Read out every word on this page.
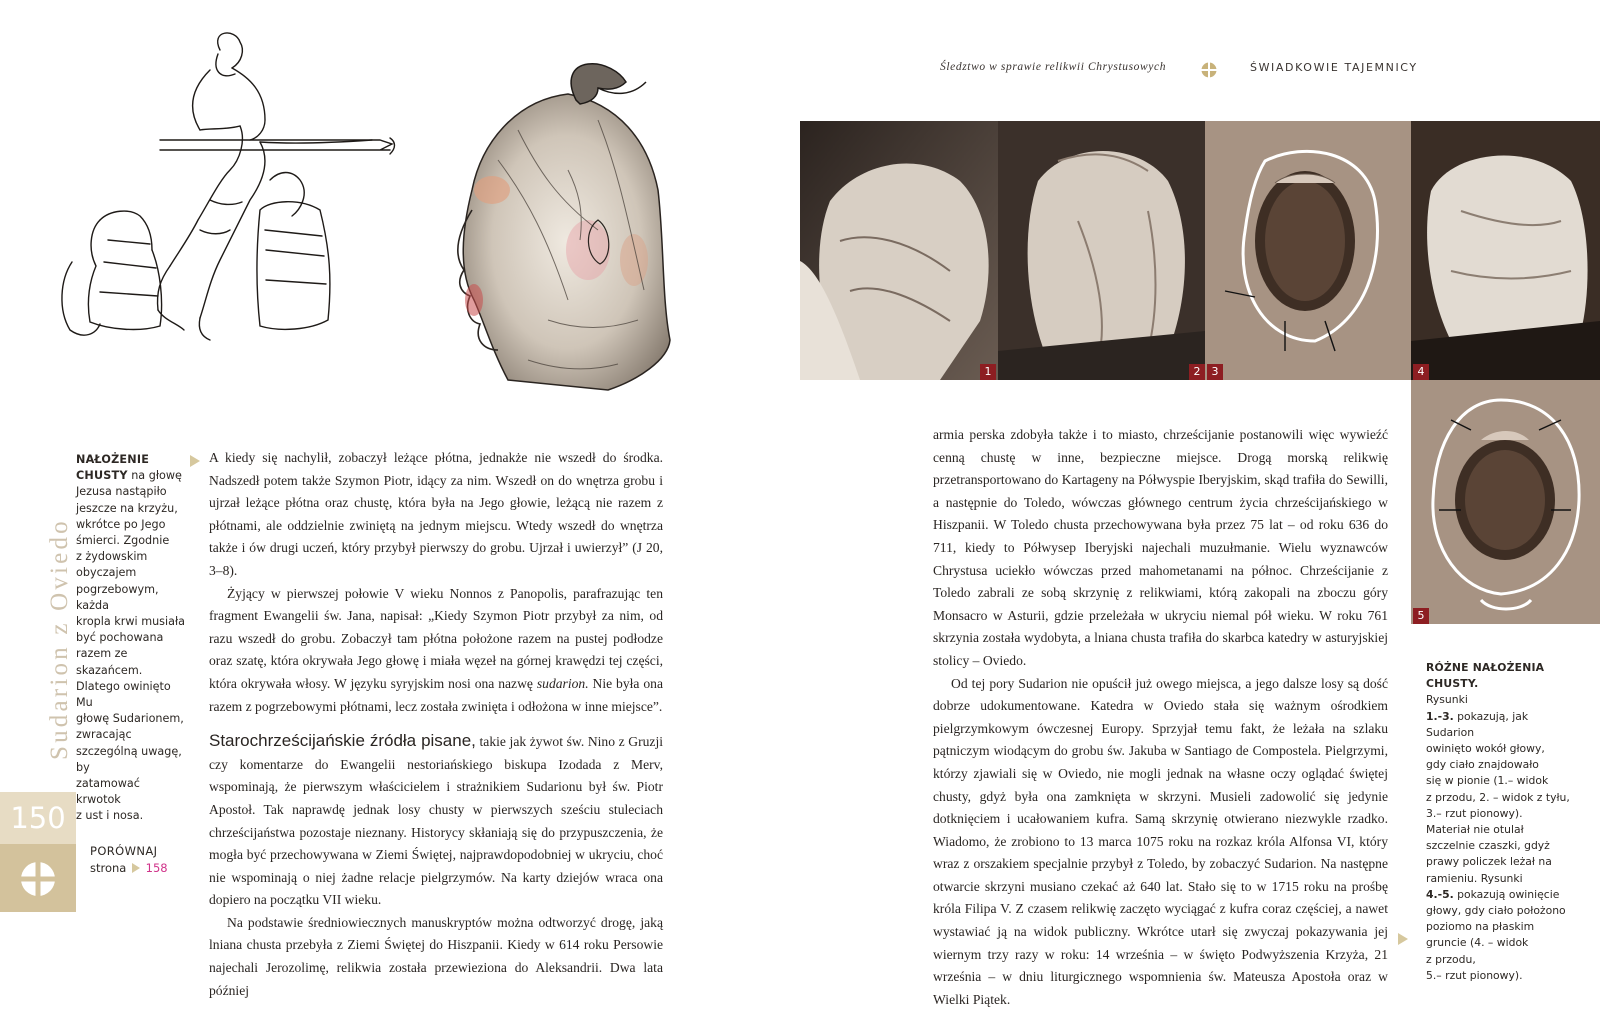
NAŁOŻENIE CHUSTY na głowę
Jezusa nastąpiło
jeszcze na krzyżu,
wkrótce po Jego
śmierci. Zgodnie
z żydowskim
obyczajem
pogrzebowym, każda
kropla krwi musiała
być pochowana
razem ze skazańcem.
Dlatego owinięto Mu
głowę Sudarionem,
zwracając
szczególną uwagę, by
zatamować krwotok
z ust i nosa.
Sudarion z Oviedo
150
PORÓWNAJ
strona 158

A kiedy się nachylił, zobaczył leżące płótna, jednakże nie wszedł do środka. Nadszedł potem także Szymon Piotr, idący za nim. Wszedł on do wnętrza grobu i ujrzał leżące płótna oraz chustę, która była na Jego głowie, leżącą nie razem z płótnami, ale oddzielnie zwiniętą na jednym miejscu. Wtedy wszedł do wnętrza także i ów drugi uczeń, który przybył pierwszy do grobu. Ujrzał i uwierzył” (J 20, 3–8).

Żyjący w pierwszej połowie V wieku Nonnos z Panopolis, parafrazując ten fragment Ewangelii św. Jana, napisał: „Kiedy Szymon Piotr przybył za nim, od razu wszedł do grobu. Zobaczył tam płótna położone razem na pustej podłodze oraz szatę, która okrywała Jego głowę i miała węzeł na górnej krawędzi tej części, która okrywała włosy. W języku syryjskim nosi ona nazwę sudarion. Nie była ona razem z pogrzebowymi płótnami, lecz została zwinięta i odłożona w inne miejsce”.

Starochrześcijańskie źródła pisane, takie jak żywot św. Nino z Gruzji czy komentarze do Ewangelii nestoriańskiego biskupa Izodada z Merv, wspominają, że pierwszym właścicielem i strażnikiem Sudarionu był św. Piotr Apostoł. Tak naprawdę jednak losy chusty w pierwszych sześciu stuleciach chrześcijaństwa pozostaje nieznany. Historycy skłaniają się do przypuszczenia, że mogła być przechowywana w Ziemi Świętej, najprawdopodobniej w ukryciu, choć nie wspominają o niej żadne relacje pielgrzymów. Na karty dziejów wraca ona dopiero na początku VII wieku.

Na podstawie średniowiecznych manuskryptów można odtworzyć drogę, jaką lniana chusta przebyła z Ziemi Świętej do Hiszpanii. Kiedy w 614 roku Persowie najechali Jerozolimę, relikwia została przewieziona do Aleksandrii. Dwa lata później

Śledztwo w sprawie relikwii Chrystusowych	ŚWIADKOWIE TAJEMNICY
1	2	3	4
5

armia perska zdobyła także i to miasto, chrześcijanie postanowili więc wywieźć cenną chustę w inne, bezpieczne miejsce. Drogą morską relikwię przetransportowano do Kartageny na Półwyspie Iberyjskim, skąd trafiła do Sewilli, a następnie do Toledo, wówczas głównego centrum życia chrześcijańskiego w Hiszpanii. W Toledo chusta przechowywana była przez 75 lat – od roku 636 do 711, kiedy to Półwysep Iberyjski najechali muzułmanie. Wielu wyznawców Chrystusa uciekło wówczas przed mahometanami na północ. Chrześcijanie z Toledo zabrali ze sobą skrzynię z relikwiami, którą zakopali na zboczu góry Monsacro w Asturii, gdzie przeleżała w ukryciu niemal pół wieku. W roku 761 skrzynia została wydobyta, a lniana chusta trafiła do skarbca katedry w asturyjskiej stolicy – Oviedo.

Od tej pory Sudarion nie opuścił już owego miejsca, a jego dalsze losy są dość dobrze udokumentowane. Katedra w Oviedo stała się ważnym ośrodkiem pielgrzymkowym ówczesnej Europy. Sprzyjał temu fakt, że leżała na szlaku pątniczym wiodącym do grobu św. Jakuba w Santiago de Compostela. Pielgrzymi, którzy zjawiali się w Oviedo, nie mogli jednak na własne oczy oglądać świętej chusty, gdyż była ona zamknięta w skrzyni. Musieli zadowolić się jedynie dotknięciem i ucałowaniem kufra. Samą skrzynię otwierano niezwykle rzadko. Wiadomo, że zrobiono to 13 marca 1075 roku na rozkaz króla Alfonsa VI, który wraz z orszakiem specjalnie przybył z Toledo, by zobaczyć Sudarion. Na następne otwarcie skrzyni musiano czekać aż 640 lat. Stało się to w 1715 roku na prośbę króla Filipa V. Z czasem relikwię zaczęto wyciągać z kufra coraz częściej, a nawet wystawiać ją na widok publiczny. Wkrótce utarł się zwyczaj pokazywania jej wiernym trzy razy w roku: 14 września – w święto Podwyższenia Krzyża, 21 września – w dniu liturgicznego wspomnienia św. Mateusza Apostoła oraz w Wielki Piątek.

RÓŻNE NAŁOŻENIA CHUSTY.
Rysunki
1.-3. pokazują, jak Sudarion
owinięto wokół głowy,
gdy ciało znajdowało
się w pionie (1.– widok
z przodu, 2. – widok z tyłu,
3.– rzut pionowy).
Materiał nie otulał
szczelnie czaszki, gdyż
prawy policzek leżał na
ramieniu. Rysunki
4.-5. pokazują owinięcie
głowy, gdy ciało położono
poziomo na płaskim
gruncie (4. – widok
z przodu,
5.– rzut pionowy).
